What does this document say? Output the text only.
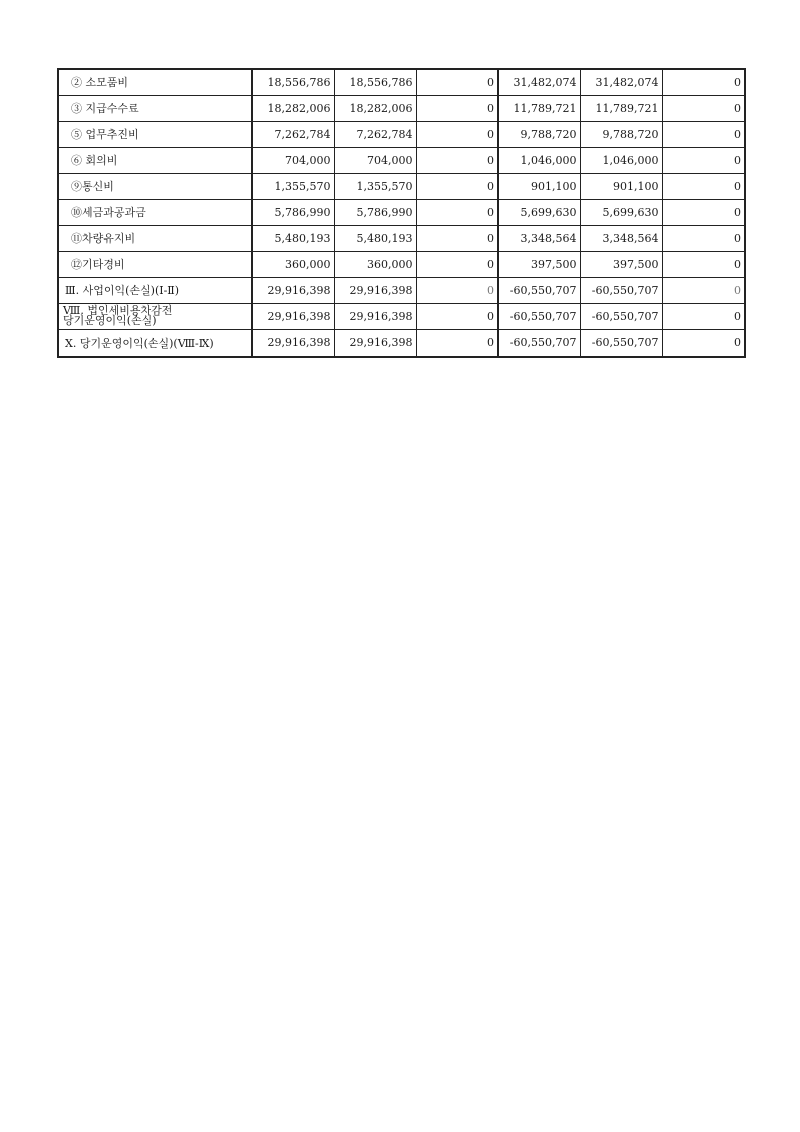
② 소모품비	18,556,786	18,556,786	0	31,482,074	31,482,074	0
③ 지급수수료	18,282,006	18,282,006	0	11,789,721	11,789,721	0
⑤ 업무추진비	7,262,784	7,262,784	0	9,788,720	9,788,720	0
⑥ 회의비	704,000	704,000	0	1,046,000	1,046,000	0
⑨통신비	1,355,570	1,355,570	0	901,100	901,100	0
⑩세금과공과금	5,786,990	5,786,990	0	5,699,630	5,699,630	0
⑪차량유지비	5,480,193	5,480,193	0	3,348,564	3,348,564	0
⑫기타경비	360,000	360,000	0	397,500	397,500	0
Ⅲ. 사업이익(손실)(Ⅰ-Ⅱ)	29,916,398	29,916,398	0	-60,550,707	-60,550,707	0

Ⅷ. 법인세비용차감전
당기운영이익(손실)	29,916,398	29,916,398	0	-60,550,707	-60,550,707	0
Ⅹ. 당기운영이익(손실)(Ⅷ-Ⅸ)	29,916,398	29,916,398	0	-60,550,707	-60,550,707	0
